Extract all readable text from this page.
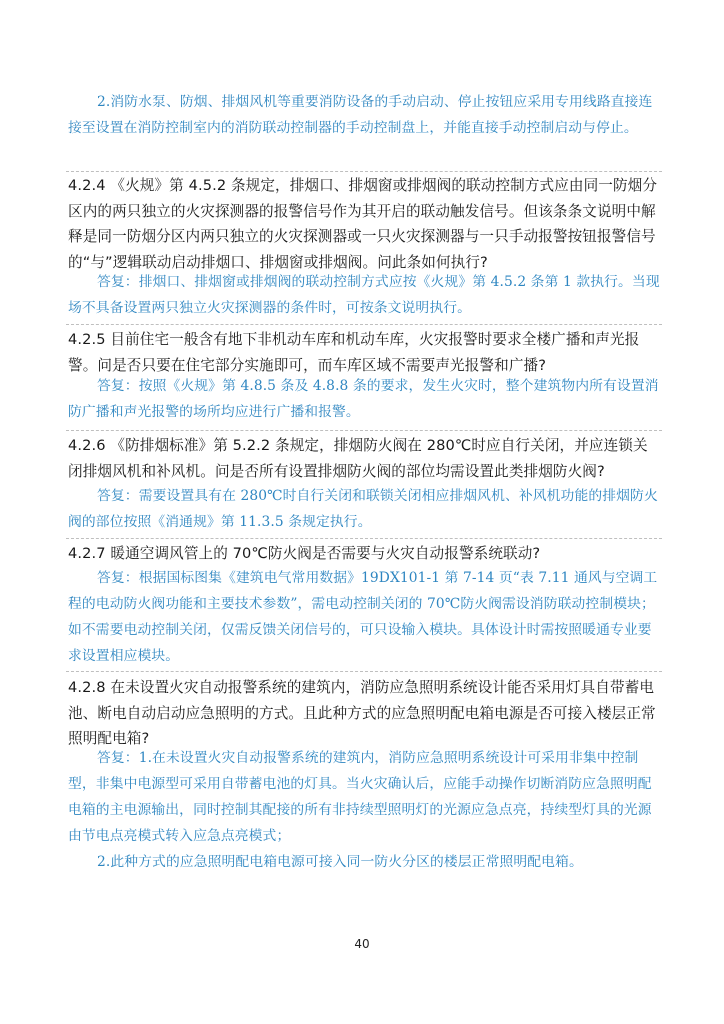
2.消防水泵、防烟、排烟风机等重要消防设备的手动启动、停止按钮应采用专用线路直接连接至设置在消防控制室内的消防联动控制器的手动控制盘上，并能直接手动控制启动与停止。

4.2.4 《火规》第 4.5.2 条规定，排烟口、排烟窗或排烟阀的联动控制方式应由同一防烟分区内的两只独立的火灾探测器的报警信号作为其开启的联动触发信号。但该条条文说明中解释是同一防烟分区内两只独立的火灾探测器或一只火灾探测器与一只手动报警按钮报警信号的“与”逻辑联动启动排烟口、排烟窗或排烟阀。问此条如何执行?

答复：排烟口、排烟窗或排烟阀的联动控制方式应按《火规》第 4.5.2 条第 1 款执行。当现场不具备设置两只独立火灾探测器的条件时，可按条文说明执行。

4.2.5 目前住宅一般含有地下非机动车库和机动车库，火灾报警时要求全楼广播和声光报警。问是否只要在住宅部分实施即可，而车库区域不需要声光报警和广播?

答复：按照《火规》第 4.8.5 条及 4.8.8 条的要求，发生火灾时，整个建筑物内所有设置消防广播和声光报警的场所均应进行广播和报警。

4.2.6 《防排烟标准》第 5.2.2 条规定，排烟防火阀在 280℃时应自行关闭，并应连锁关闭排烟风机和补风机。问是否所有设置排烟防火阀的部位均需设置此类排烟防火阀?

答复：需要设置具有在 280℃时自行关闭和联锁关闭相应排烟风机、补风机功能的排烟防火阀的部位按照《消通规》第 11.3.5 条规定执行。

4.2.7 暖通空调风管上的 70℃防火阀是否需要与火灾自动报警系统联动?

答复：根据国标图集《建筑电气常用数据》19DX101-1 第 7-14 页“表 7.11 通风与空调工程的电动防火阀功能和主要技术参数”，需电动控制关闭的 70℃防火阀需设消防联动控制模块；如不需要电动控制关闭，仅需反馈关闭信号的，可只设输入模块。具体设计时需按照暖通专业要求设置相应模块。

4.2.8 在未设置火灾自动报警系统的建筑内，消防应急照明系统设计能否采用灯具自带蓄电池、断电自动启动应急照明的方式。且此种方式的应急照明配电箱电源是否可接入楼层正常照明配电箱?

答复：1.在未设置火灾自动报警系统的建筑内，消防应急照明系统设计可采用非集中控制型，非集中电源型可采用自带蓄电池的灯具。当火灾确认后，应能手动操作切断消防应急照明配电箱的主电源输出，同时控制其配接的所有非持续型照明灯的光源应急点亮，持续型灯具的光源由节电点亮模式转入应急点亮模式；

2.此种方式的应急照明配电箱电源可接入同一防火分区的楼层正常照明配电箱。

40
